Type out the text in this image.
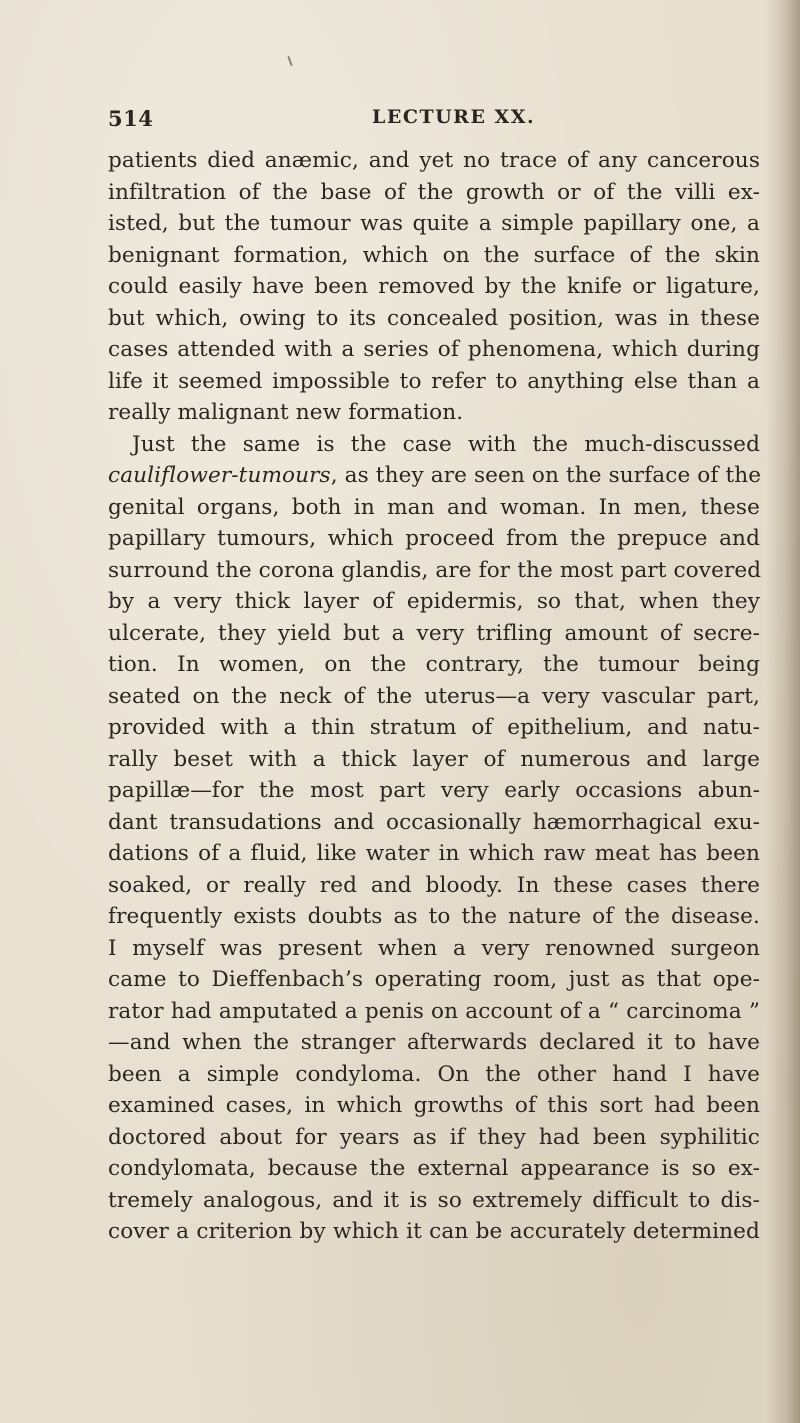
514	LECTURE XX.
patients died anæmic, and yet no trace of any cancerous
infiltration of the base of the growth or of the villi ex-
isted, but the tumour was quite a simple papillary one, a
benignant formation, which on the surface of the skin
could easily have been removed by the knife or ligature,
but which, owing to its concealed position, was in these
cases attended with a series of phenomena, which during
life it seemed impossible to refer to anything else than a
really malignant new formation.
Just the same is the case with the much-discussed
cauliflower-tumours, as they are seen on the surface of the
genital organs, both in man and woman. In men, these
papillary tumours, which proceed from the prepuce and
surround the corona glandis, are for the most part covered
by a very thick layer of epidermis, so that, when they
ulcerate, they yield but a very trifling amount of secre-
tion. In women, on the contrary, the tumour being
seated on the neck of the uterus—a very vascular part,
provided with a thin stratum of epithelium, and natu-
rally beset with a thick layer of numerous and large
papillæ—for the most part very early occasions abun-
dant transudations and occasionally hæmorrhagical exu-
dations of a fluid, like water in which raw meat has been
soaked, or really red and bloody. In these cases there
frequently exists doubts as to the nature of the disease.
I myself was present when a very renowned surgeon
came to Dieffenbach’s operating room, just as that ope-
rator had amputated a penis on account of a “ carcinoma ”
—and when the stranger afterwards declared it to have
been a simple condyloma. On the other hand I have
examined cases, in which growths of this sort had been
doctored about for years as if they had been syphilitic
condylomata, because the external appearance is so ex-
tremely analogous, and it is so extremely difficult to dis-
cover a criterion by which it can be accurately determined
